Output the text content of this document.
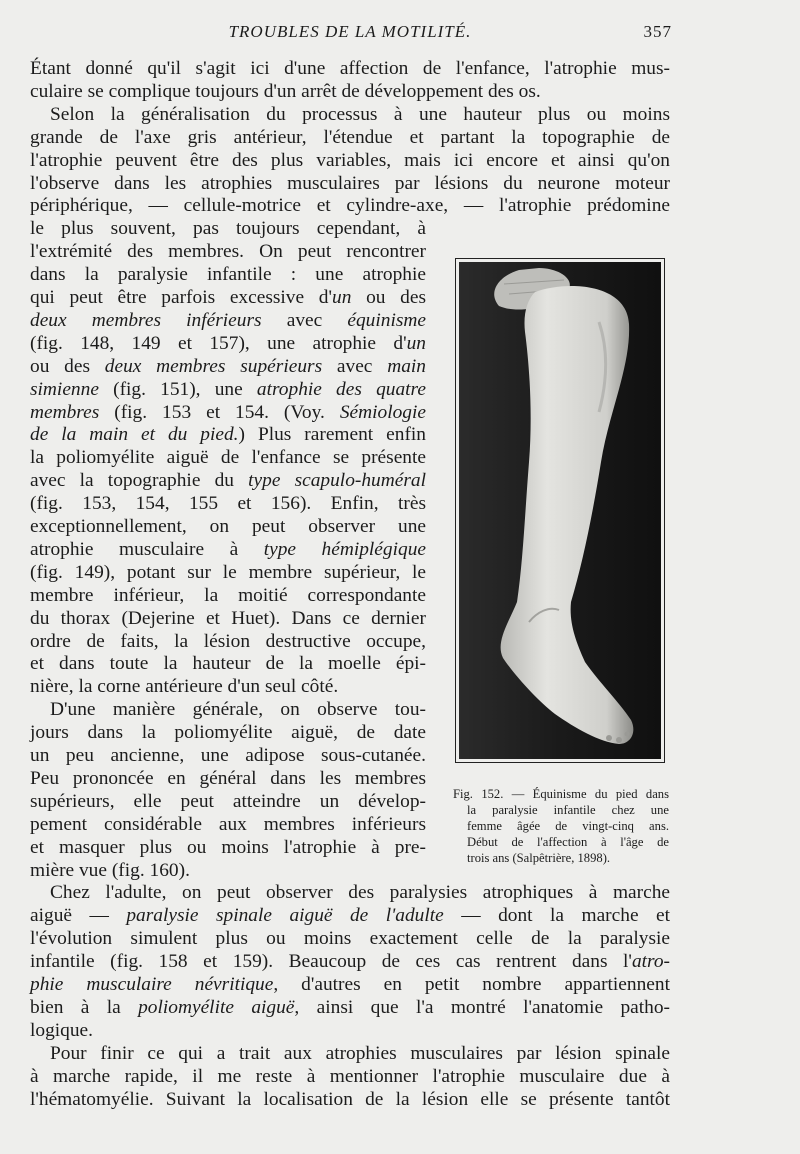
TROUBLES DE LA MOTILITÉ.	357
Étant donné qu'il s'agit ici d'une affection de l'enfance, l'atrophie mus-
culaire se complique toujours d'un arrêt de développement des os.
Selon la généralisation du processus à une hauteur plus ou moins
grande de l'axe gris antérieur, l'étendue et partant la topographie de
l'atrophie peuvent être des plus variables, mais ici encore et ainsi qu'on
l'observe dans les atrophies musculaires par lésions du neurone moteur
périphérique, — cellule-motrice et cylindre-axe, — l'atrophie prédomine
le plus souvent, pas toujours cependant, à
l'extrémité des membres. On peut rencontrer
dans la paralysie infantile : une atrophie
qui peut être parfois excessive d'un ou des
deux membres inférieurs avec équinisme
(fig. 148, 149 et 157), une atrophie d'un
ou des deux membres supérieurs avec main
simienne (fig. 151), une atrophie des quatre
membres (fig. 153 et 154. (Voy. Sémiologie
de la main et du pied.) Plus rarement enfin
la poliomyélite aiguë de l'enfance se présente
avec la topographie du type scapulo-huméral
(fig. 153, 154, 155 et 156). Enfin, très
exceptionnellement, on peut observer une
atrophie musculaire à type hémiplégique
(fig. 149), potant sur le membre supérieur, le
membre inférieur, la moitié correspondante
du thorax (Dejerine et Huet). Dans ce dernier
ordre de faits, la lésion destructive occupe,
et dans toute la hauteur de la moelle épi-
nière, la corne antérieure d'un seul côté.
D'une manière générale, on observe tou-
jours dans la poliomyélite aiguë, de date
un peu ancienne, une adipose sous-cutanée.
Peu prononcée en général dans les membres
supérieurs, elle peut atteindre un dévelop-
pement considérable aux membres inférieurs
et masquer plus ou moins l'atrophie à pre-
mière vue (fig. 160).
Chez l'adulte, on peut observer des paralysies atrophiques à marche
aiguë — paralysie spinale aiguë de l'adulte — dont la marche et
l'évolution simulent plus ou moins exactement celle de la paralysie
infantile (fig. 158 et 159). Beaucoup de ces cas rentrent dans l'atro-
phie musculaire névritique, d'autres en petit nombre appartiennent
bien à la poliomyélite aiguë, ainsi que l'a montré l'anatomie patho-
logique.
Pour finir ce qui a trait aux atrophies musculaires par lésion spinale
à marche rapide, il me reste à mentionner l'atrophie musculaire due à
l'hématomyélie. Suivant la localisation de la lésion elle se présente tantôt
Fig. 152. — Équinisme du pied dans
la paralysie infantile chez une
femme âgée de vingt-cinq ans.
Début de l'affection à l'âge de
trois ans (Salpêtrière, 1898).
